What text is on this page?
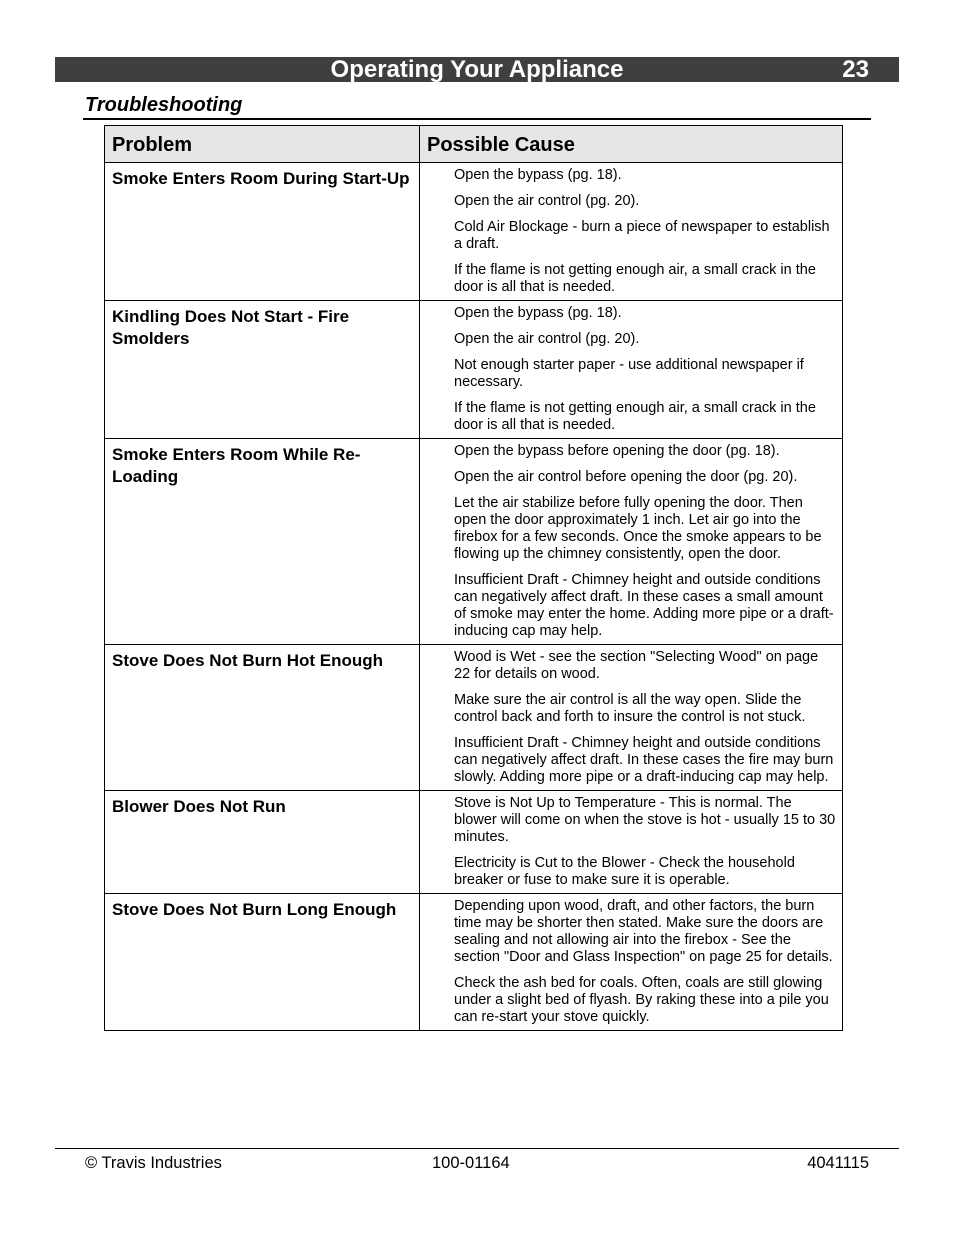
Operating Your Appliance	23
Troubleshooting
Problem	Possible Cause
Smoke Enters Room During Start-Up	Open the bypass (pg. 18).
Open the air control (pg. 20).
Cold Air Blockage - burn a piece of newspaper to establish a draft.
If the flame is not getting enough air, a small crack in the door is all that is needed.

Kindling Does Not Start - Fire Smolders	Open the bypass (pg. 18).
Open the air control (pg. 20).
Not enough starter paper - use additional newspaper if necessary.
If the flame is not getting enough air, a small crack in the door is all that is needed.

Smoke Enters Room While Re-Loading	Open the bypass before opening the door (pg. 18).
Open the air control before opening the door (pg. 20).
Let the air stabilize before fully opening the door. Then open the door approximately 1 inch. Let air go into the firebox for a few seconds. Once the smoke appears to be flowing up the chimney consistently, open the door.
Insufficient Draft - Chimney height and outside conditions can negatively affect draft. In these cases a small amount of smoke may enter the home. Adding more pipe or a draft-inducing cap may help.

Stove Does Not Burn Hot Enough	Wood is Wet - see the section "Selecting Wood" on page 22 for details on wood.
Make sure the air control is all the way open. Slide the control back and forth to insure the control is not stuck.
Insufficient Draft - Chimney height and outside conditions can negatively affect draft. In these cases the fire may burn slowly. Adding more pipe or a draft-inducing cap may help.

Blower Does Not Run	Stove is Not Up to Temperature - This is normal. The blower will come on when the stove is hot - usually 15 to 30 minutes.
Electricity is Cut to the Blower - Check the household breaker or fuse to make sure it is operable.

Stove Does Not Burn Long Enough	Depending upon wood, draft, and other factors, the burn time may be shorter then stated. Make sure the doors are sealing and not allowing air into the firebox - See the section "Door and Glass Inspection" on page 25 for details.
Check the ash bed for coals. Often, coals are still glowing under a slight bed of flyash. By raking these into a pile you can re-start your stove quickly.
© Travis Industries	100-01164	4041115
